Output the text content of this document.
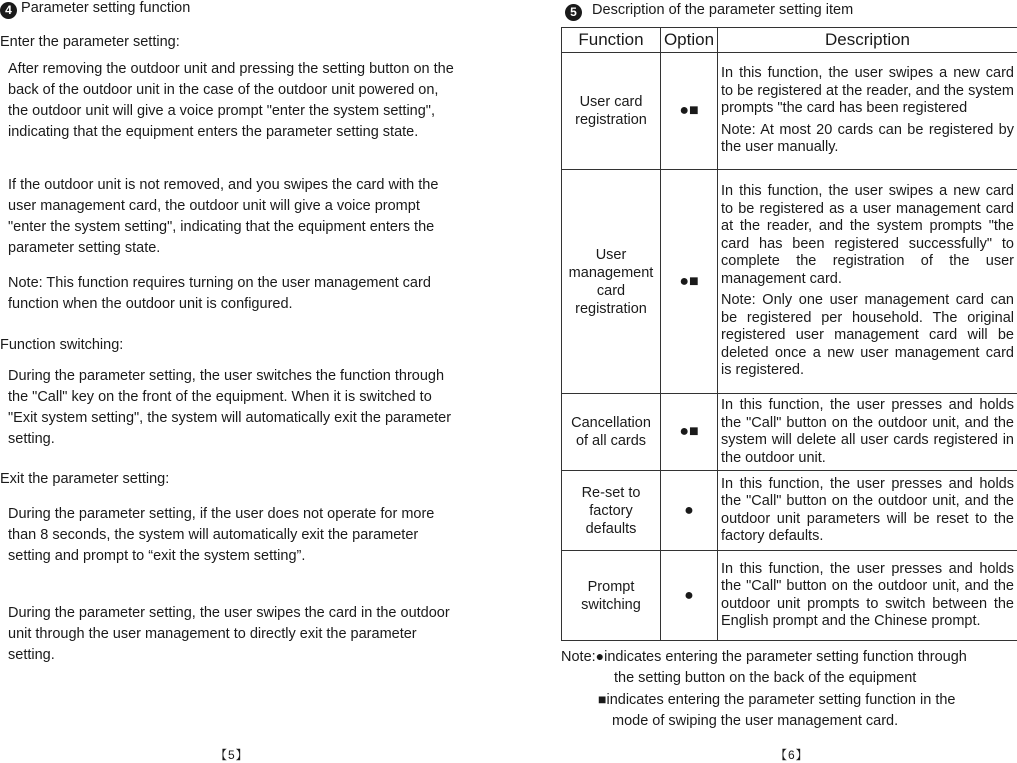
4 Parameter setting function
Enter the parameter setting:

After removing the outdoor unit and pressing the setting button on the back of the outdoor unit in the case of the outdoor unit powered on, the outdoor unit will give a voice prompt "enter the system setting", indicating that the equipment enters the parameter setting state.

If the outdoor unit is not removed, and you swipes the card with the user management card, the outdoor unit will give a voice prompt "enter the system setting", indicating that the equipment enters the parameter setting state.

Note: This function requires turning on the user management card function when the outdoor unit is configured.

Function switching:

During the parameter setting, the user switches the function through the "Call" key on the front of the equipment. When it is switched to "Exit system setting", the system will automatically exit the parameter setting.

Exit the parameter setting:

During the parameter setting, if the user does not operate for more than 8 seconds, the system will automatically exit the parameter setting and prompt to “exit the system setting”.

During the parameter setting, the user swipes the card in the outdoor unit through the user management to directly exit the parameter setting.

【5】
5 Description of the parameter setting item
Function	Option	Description
User card registration	●■	In this function, the user swipes a new card to be registered at the reader, and the system prompts "the card has been registered

Note: At most 20 cards can be registered by the user manually.

User management card registration	●■	In this function, the user swipes a new card to be registered as a user management card at the reader, and the system prompts "the card has been registered successfully" to complete the registration of the user management card.

Note: Only one user management card can be registered per household. The original registered user management card will be deleted once a new user management card is registered.

Cancellation of all cards	●■	In this function, the user presses and holds the "Call" button on the outdoor unit, and the system will delete all user cards registered in the outdoor unit.

Re-set to factory defaults	●	In this function, the user presses and holds the "Call" button on the outdoor unit, and the outdoor unit parameters will be reset to the factory defaults.

Prompt switching	●	In this function, the user presses and holds the "Call" button on the outdoor unit, and the outdoor unit prompts to switch between the English prompt and the Chinese prompt.

Note:●indicates entering the parameter setting function through
the setting button on the back of the equipment
■indicates entering the parameter setting function in the
mode of swiping the user management card.
【6】
